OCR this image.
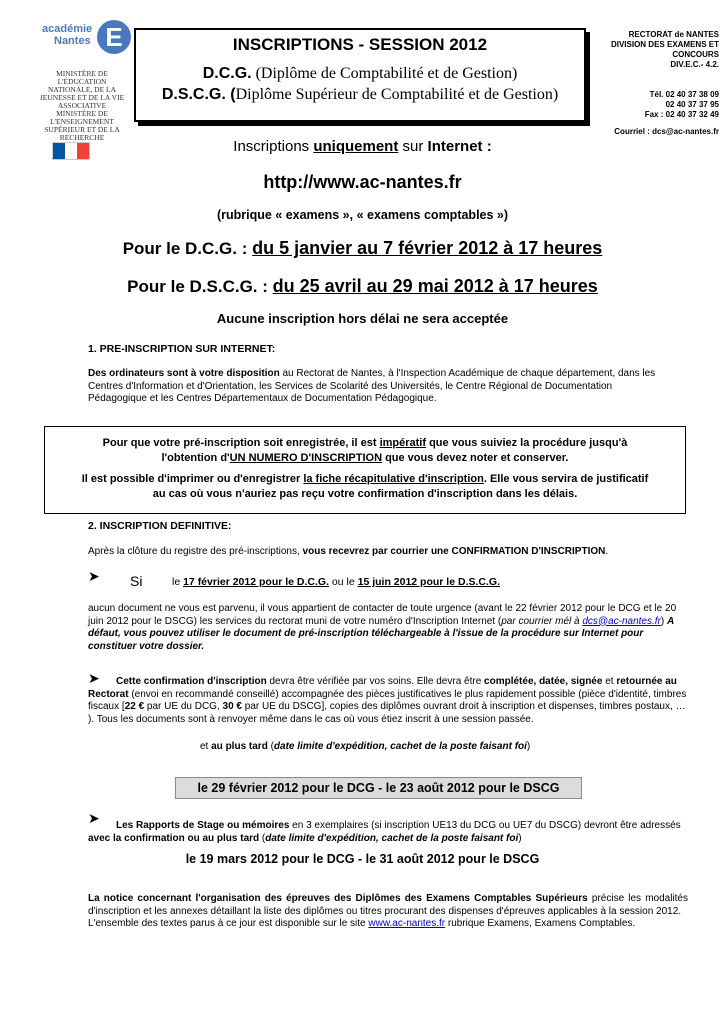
académie
Nantes E
MINISTÈRE DE L'ÉDUCATION NATIONALE, DE LA JEUNESSE ET DE LA VIE ASSOCIATIVE
MINISTÈRE DE L'ENSEIGNEMENT SUPÉRIEUR ET DE LA RECHERCHE
INSCRIPTIONS - SESSION 2012
D.C.G. (Diplôme de Comptabilité et de Gestion)
D.S.C.G. (Diplôme Supérieur de Comptabilité et de Gestion)
RECTORAT de NANTES
DIVISION DES EXAMENS ET
CONCOURS
DIV.E.C.- 4.2.
Tél. 02 40 37 38 09
02 40 37 37 95
Fax : 02 40 37 32 49
Courriel : dcs@ac-nantes.fr
Inscriptions uniquement sur Internet :
http://www.ac-nantes.fr
(rubrique « examens », « examens comptables »)
Pour le D.C.G. : du 5 janvier au 7 février 2012 à 17 heures
Pour le D.S.C.G. : du 25 avril au 29 mai 2012 à 17 heures
Aucune inscription hors délai ne sera acceptée
1. PRE-INSCRIPTION SUR INTERNET:
Des ordinateurs sont à votre disposition au Rectorat de Nantes, à l'Inspection Académique de chaque département, dans les Centres d'Information et d'Orientation, les Services de Scolarité des Universités, le Centre Régional de Documentation Pédagogique et les Centres Départementaux de Documentation Pédagogique.
Pour que votre pré-inscription soit enregistrée, il est impératif que vous suiviez la procédure jusqu'à
l'obtention d'UN NUMERO D'INSCRIPTION que vous devez noter et conserver.
Il est possible d'imprimer ou d'enregistrer la fiche récapitulative d'inscription. Elle vous servira de justificatif
au cas où vous n'auriez pas reçu votre confirmation d'inscription dans les délais.
2. INSCRIPTION DEFINITIVE:
Après la clôture du registre des pré-inscriptions, vous recevrez par courrier une CONFIRMATION D'INSCRIPTION.
➤ Si	le 17 février 2012 pour le D.C.G. ou le 15 juin 2012 pour le D.S.C.G.
aucun document ne vous est parvenu, il vous appartient de contacter de toute urgence (avant le 22 février 2012 pour le DCG et le 20 juin 2012 pour le DSCG) les services du rectorat muni de votre numéro d'Inscription Internet (par courrier mél à dcs@ac-nantes.fr) A défaut, vous pouvez utiliser le document de pré-inscription téléchargeable à l'issue de la procédure sur Internet pour constituer votre dossier.
➤	Cette confirmation d'inscription devra être vérifiée par vos soins. Elle devra être complétée, datée, signée et retournée au Rectorat (envoi en recommandé conseillé) accompagnée des pièces justificatives le plus rapidement possible (pièce d'identité, timbres fiscaux [22 € par UE du DCG, 30 € par UE du DSCG], copies des diplômes ouvrant droit à inscription et dispenses, timbres postaux, … ). Tous les documents sont à renvoyer même dans le cas où vous étiez inscrit à une session passée.
et au plus tard (date limite d'expédition, cachet de la poste faisant foi)
le 29 février 2012 pour le DCG - le 23 août 2012 pour le DSCG
➤	Les Rapports de Stage ou mémoires en 3 exemplaires (si inscription UE13 du DCG ou UE7 du DSCG) devront être adressés avec la confirmation ou au plus tard (date limite d'expédition, cachet de la poste faisant foi)
le 19 mars 2012 pour le DCG - le 31 août 2012 pour le DSCG
La notice concernant l'organisation des épreuves des Diplômes des Examens Comptables Supérieurs précise les modalités d'inscription et les annexes détaillant la liste des diplômes ou titres procurant des dispenses d'épreuves applicables à la session 2012.
L'ensemble des textes parus à ce jour est disponible sur le site www.ac-nantes.fr rubrique Examens, Examens Comptables.
